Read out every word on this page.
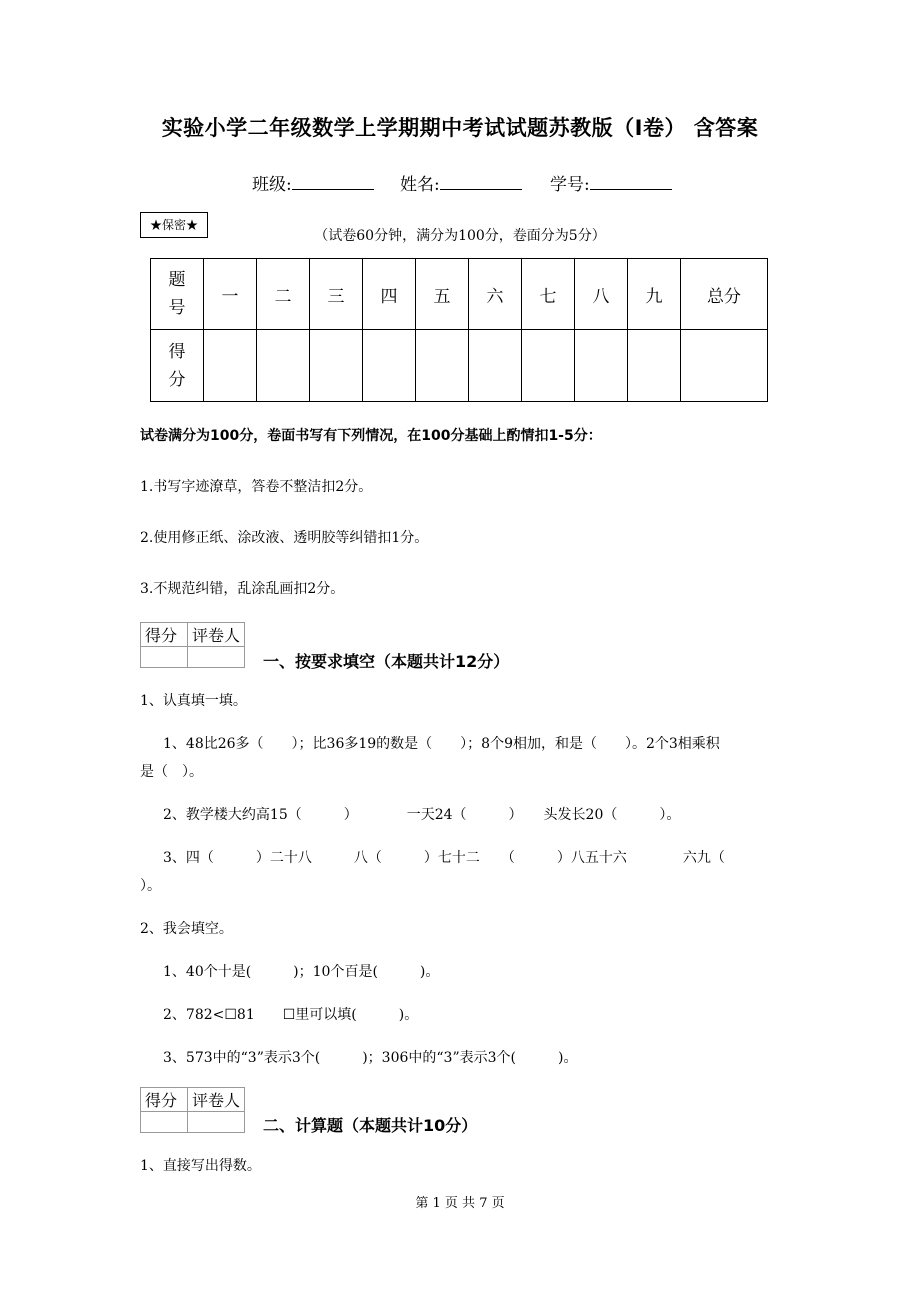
实验小学二年级数学上学期期中考试试题苏教版（I卷） 含答案
班级:	姓名:	学号:
★保密★
（试卷60分钟，满分为100分，卷面分为5分）
题号	一	二	三	四	五	六	七	八	九	总分
得分										
试卷满分为100分，卷面书写有下列情况，在100分基础上酌情扣1-5分：
1.书写字迹潦草，答卷不整洁扣2分。
2.使用修正纸、涂改液、透明胶等纠错扣1分。
3.不规范纠错，乱涂乱画扣2分。
得分	评卷人

一、按要求填空（本题共计12分）
1、认真填一填。
1、48比26多（　　）；比36多19的数是（　　）；8个9相加，和是（　　）。2个3相乘积
是（　）。
2、教学楼大约高15（　　　）　　　　一天24（　　　）　　头发长20（　　　）。
3、四（　　　）二十八　　　八（　　　）七十二　　（　　　）八五十六　　　　六九（
）。
2、我会填空。
1、40个十是(　　　)；10个百是(　　　)。
2、782<☐81　　☐里可以填(　　　)。
3、573中的“3”表示3个(　　　)；306中的“3”表示3个(　　　)。
得分	评卷人

二、计算题（本题共计10分）
1、直接写出得数。
第 1 页 共 7 页
